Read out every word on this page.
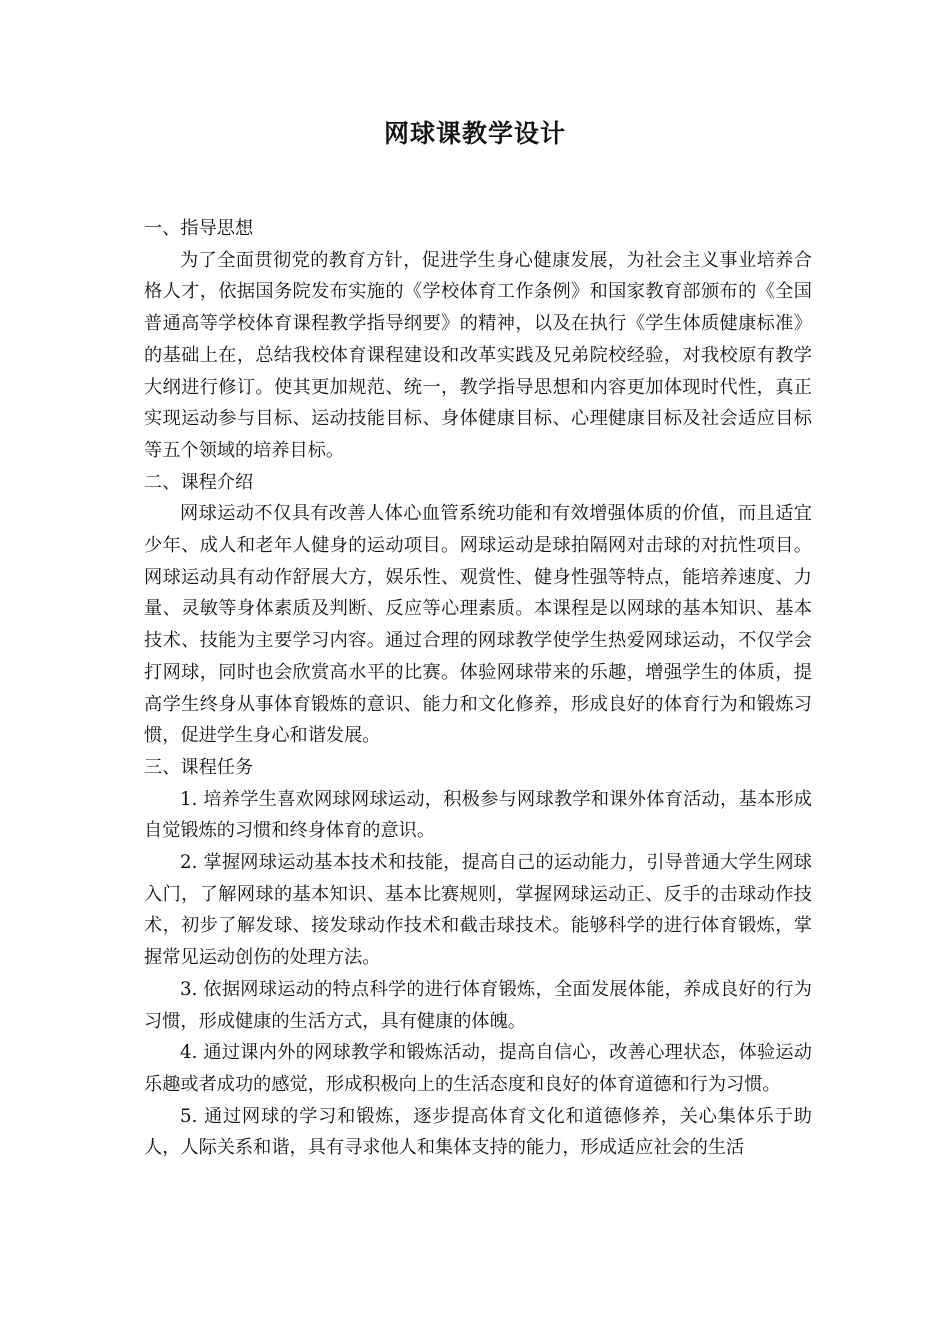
网球课教学设计

一、指导思想

为了全面贯彻党的教育方针，促进学生身心健康发展，为社会主义事业培养合格人才，依据国务院发布实施的《学校体育工作条例》和国家教育部颁布的《全国普通高等学校体育课程教学指导纲要》的精神，以及在执行《学生体质健康标准》的基础上在，总结我校体育课程建设和改革实践及兄弟院校经验，对我校原有教学大纲进行修订。使其更加规范、统一，教学指导思想和内容更加体现时代性，真正实现运动参与目标、运动技能目标、身体健康目标、心理健康目标及社会适应目标等五个领域的培养目标。

二、课程介绍

网球运动不仅具有改善人体心血管系统功能和有效增强体质的价值，而且适宜少年、成人和老年人健身的运动项目。网球运动是球拍隔网对击球的对抗性项目。网球运动具有动作舒展大方，娱乐性、观赏性、健身性强等特点，能培养速度、力量、灵敏等身体素质及判断、反应等心理素质。本课程是以网球的基本知识、基本技术、技能为主要学习内容。通过合理的网球教学使学生热爱网球运动，不仅学会打网球，同时也会欣赏高水平的比赛。体验网球带来的乐趣，增强学生的体质，提高学生终身从事体育锻炼的意识、能力和文化修养，形成良好的体育行为和锻炼习惯，促进学生身心和谐发展。

三、课程任务

1. 培养学生喜欢网球网球运动，积极参与网球教学和课外体育活动，基本形成自觉锻炼的习惯和终身体育的意识。

2. 掌握网球运动基本技术和技能，提高自己的运动能力，引导普通大学生网球入门，了解网球的基本知识、基本比赛规则，掌握网球运动正、反手的击球动作技术，初步了解发球、接发球动作技术和截击球技术。能够科学的进行体育锻炼，掌握常见运动创伤的处理方法。

3. 依据网球运动的特点科学的进行体育锻炼，全面发展体能，养成良好的行为习惯，形成健康的生活方式，具有健康的体魄。

4. 通过课内外的网球教学和锻炼活动，提高自信心，改善心理状态，体验运动乐趣或者成功的感觉，形成积极向上的生活态度和良好的体育道德和行为习惯。

5. 通过网球的学习和锻炼，逐步提高体育文化和道德修养，关心集体乐于助人，人际关系和谐，具有寻求他人和集体支持的能力，形成适应社会的生活
